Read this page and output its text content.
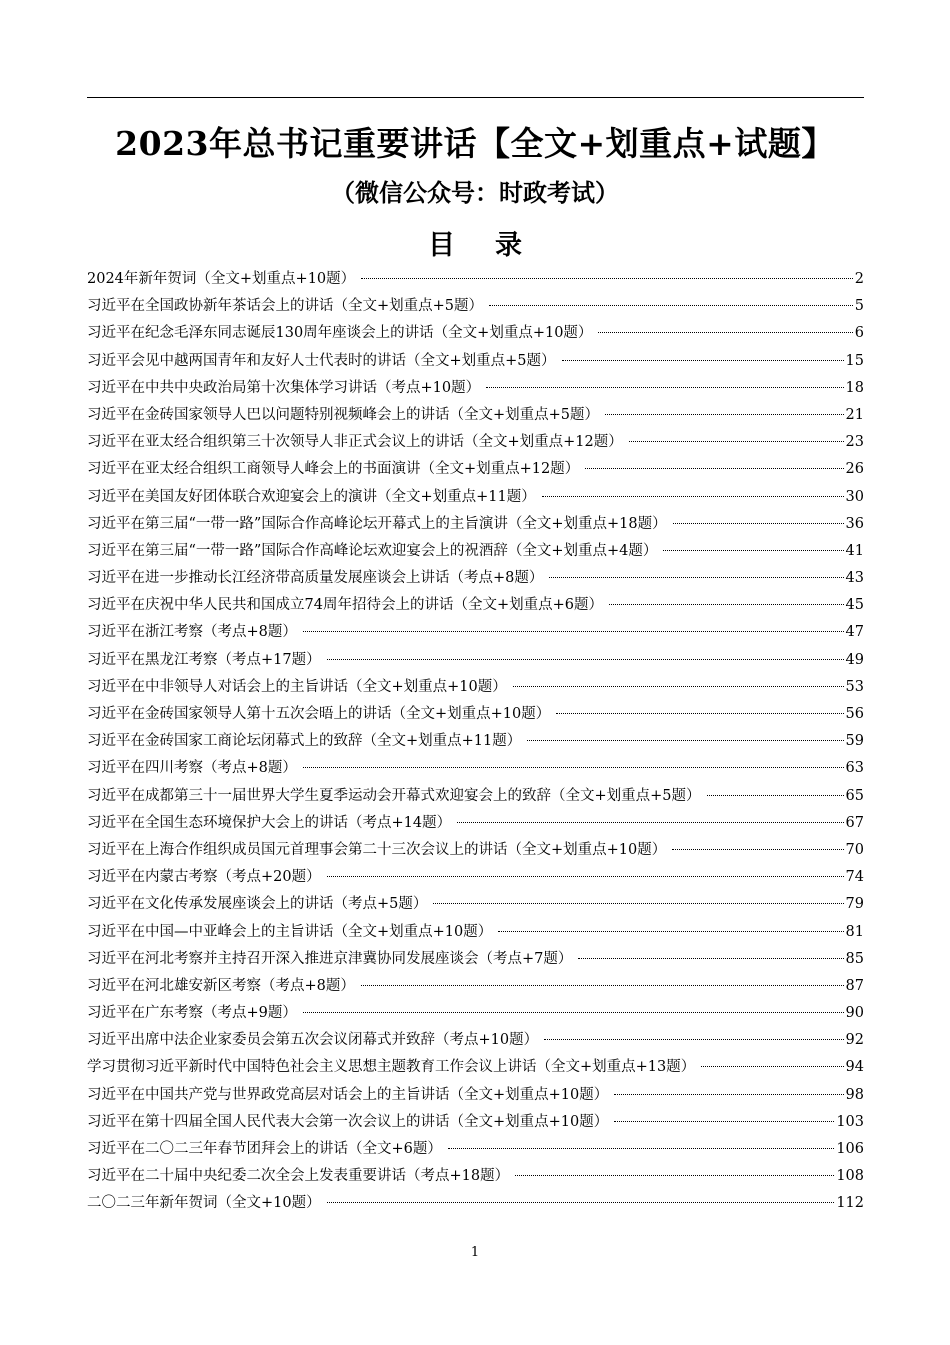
2023年总书记重要讲话【全文+划重点+试题】
（微信公众号：时政考试）
目录
2024年新年贺词（全文+划重点+10题）	2
习近平在全国政协新年茶话会上的讲话（全文+划重点+5题）	5
习近平在纪念毛泽东同志诞辰130周年座谈会上的讲话（全文+划重点+10题）	6
习近平会见中越两国青年和友好人士代表时的讲话（全文+划重点+5题）	15
习近平在中共中央政治局第十次集体学习讲话（考点+10题）	18
习近平在金砖国家领导人巴以问题特别视频峰会上的讲话（全文+划重点+5题）	21
习近平在亚太经合组织第三十次领导人非正式会议上的讲话（全文+划重点+12题）	23
习近平在亚太经合组织工商领导人峰会上的书面演讲（全文+划重点+12题）	26
习近平在美国友好团体联合欢迎宴会上的演讲（全文+划重点+11题）	30
习近平在第三届“一带一路”国际合作高峰论坛开幕式上的主旨演讲（全文+划重点+18题）	36
习近平在第三届“一带一路”国际合作高峰论坛欢迎宴会上的祝酒辞（全文+划重点+4题）	41
习近平在进一步推动长江经济带高质量发展座谈会上讲话（考点+8题）	43
习近平在庆祝中华人民共和国成立74周年招待会上的讲话（全文+划重点+6题）	45
习近平在浙江考察（考点+8题）	47
习近平在黑龙江考察（考点+17题）	49
习近平在中非领导人对话会上的主旨讲话（全文+划重点+10题）	53
习近平在金砖国家领导人第十五次会晤上的讲话（全文+划重点+10题）	56
习近平在金砖国家工商论坛闭幕式上的致辞（全文+划重点+11题）	59
习近平在四川考察（考点+8题）	63
习近平在成都第三十一届世界大学生夏季运动会开幕式欢迎宴会上的致辞（全文+划重点+5题）	65
习近平在全国生态环境保护大会上的讲话（考点+14题）	67
习近平在上海合作组织成员国元首理事会第二十三次会议上的讲话（全文+划重点+10题）	70
习近平在内蒙古考察（考点+20题）	74
习近平在文化传承发展座谈会上的讲话（考点+5题）	79
习近平在中国—中亚峰会上的主旨讲话（全文+划重点+10题）	81
习近平在河北考察并主持召开深入推进京津冀协同发展座谈会（考点+7题）	85
习近平在河北雄安新区考察（考点+8题）	87
习近平在广东考察（考点+9题）	90
习近平出席中法企业家委员会第五次会议闭幕式并致辞（考点+10题）	92
学习贯彻习近平新时代中国特色社会主义思想主题教育工作会议上讲话（全文+划重点+13题）	94
习近平在中国共产党与世界政党高层对话会上的主旨讲话（全文+划重点+10题）	98
习近平在第十四届全国人民代表大会第一次会议上的讲话（全文+划重点+10题）	103
习近平在二〇二三年春节团拜会上的讲话（全文+6题）	106
习近平在二十届中央纪委二次全会上发表重要讲话（考点+18题）	108
二〇二三年新年贺词（全文+10题）	112
1
